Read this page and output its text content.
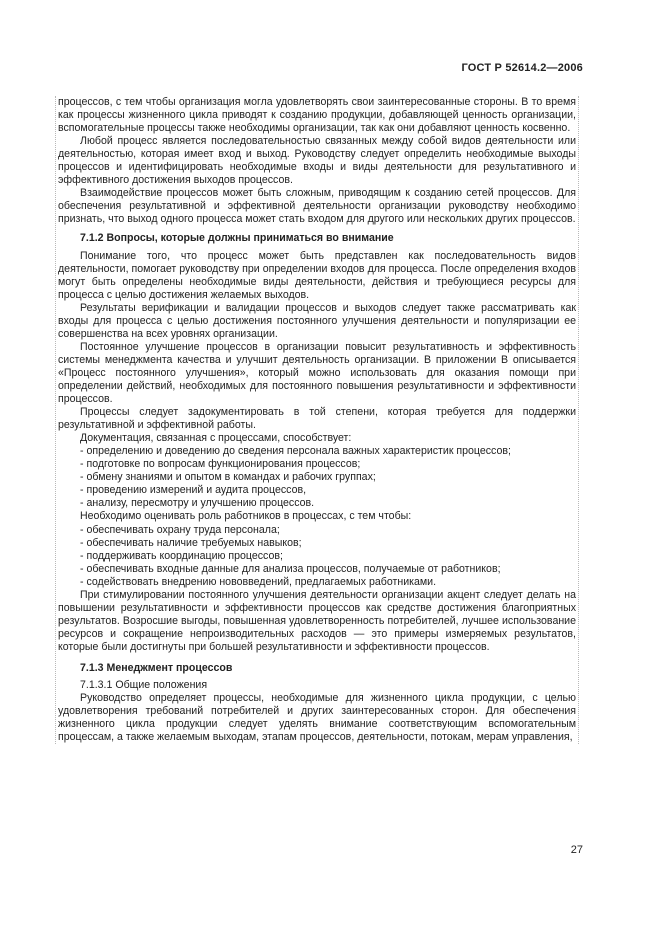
ГОСТ Р 52614.2—2006

процессов, с тем чтобы организация могла удовлетворять свои заинтересованные стороны. В то время как процессы жизненного цикла приводят к созданию продукции, добавляющей ценность организации, вспомогательные процессы также необходимы организации, так как они добавляют ценность косвенно.

Любой процесс является последовательностью связанных между собой видов деятельности или деятельностью, которая имеет вход и выход. Руководству следует определить необходимые выходы процессов и идентифицировать необходимые входы и виды деятельности для результативного и эффективного достижения выходов процессов.

Взаимодействие процессов может быть сложным, приводящим к созданию сетей процессов. Для обеспечения результативной и эффективной деятельности организации руководству необходимо признать, что выход одного процесса может стать входом для другого или нескольких других процессов.

7.1.2 Вопросы, которые должны приниматься во внимание

Понимание того, что процесс может быть представлен как последовательность видов деятельности, помогает руководству при определении входов для процесса. После определения входов могут быть определены необходимые виды деятельности, действия и требующиеся ресурсы для процесса с целью достижения желаемых выходов.

Результаты верификации и валидации процессов и выходов следует также рассматривать как входы для процесса с целью достижения постоянного улучшения деятельности и популяризации ее совершенства на всех уровнях организации.

Постоянное улучшение процессов в организации повысит результативность и эффективность системы менеджмента качества и улучшит деятельность организации. В приложении В описывается «Процесс постоянного улучшения», который можно использовать для оказания помощи при определении действий, необходимых для постоянного повышения результативности и эффективности процессов.

Процессы следует задокументировать в той степени, которая требуется для поддержки результативной и эффективной работы.

Документация, связанная с процессами, способствует:

- определению и доведению до сведения персонала важных характеристик процессов;
- подготовке по вопросам функционирования процессов;
- обмену знаниями и опытом в командах и рабочих группах;
- проведению измерений и аудита процессов,
- анализу, пересмотру и улучшению процессов.

Необходимо оценивать роль работников в процессах, с тем чтобы:

- обеспечивать охрану труда персонала;
- обеспечивать наличие требуемых навыков;
- поддерживать координацию процессов;
- обеспечивать входные данные для анализа процессов, получаемые от работников;
- содействовать внедрению нововведений, предлагаемых работниками.

При стимулировании постоянного улучшения деятельности организации акцент следует делать на повышении результативности и эффективности процессов как средстве достижения благоприятных результатов. Возросшие выгоды, повышенная удовлетворенность потребителей, лучшее использование ресурсов и сокращение непроизводительных расходов — это примеры измеряемых результатов, которые были достигнуты при большей результативности и эффективности процессов.

7.1.3 Менеджмент процессов

7.1.3.1 Общие положения

Руководство определяет процессы, необходимые для жизненного цикла продукции, с целью удовлетворения требований потребителей и других заинтересованных сторон. Для обеспечения жизненного цикла продукции следует уделять внимание соответствующим вспомогательным процессам, а также желаемым выходам, этапам процессов, деятельности, потокам, мерам управления,

27
